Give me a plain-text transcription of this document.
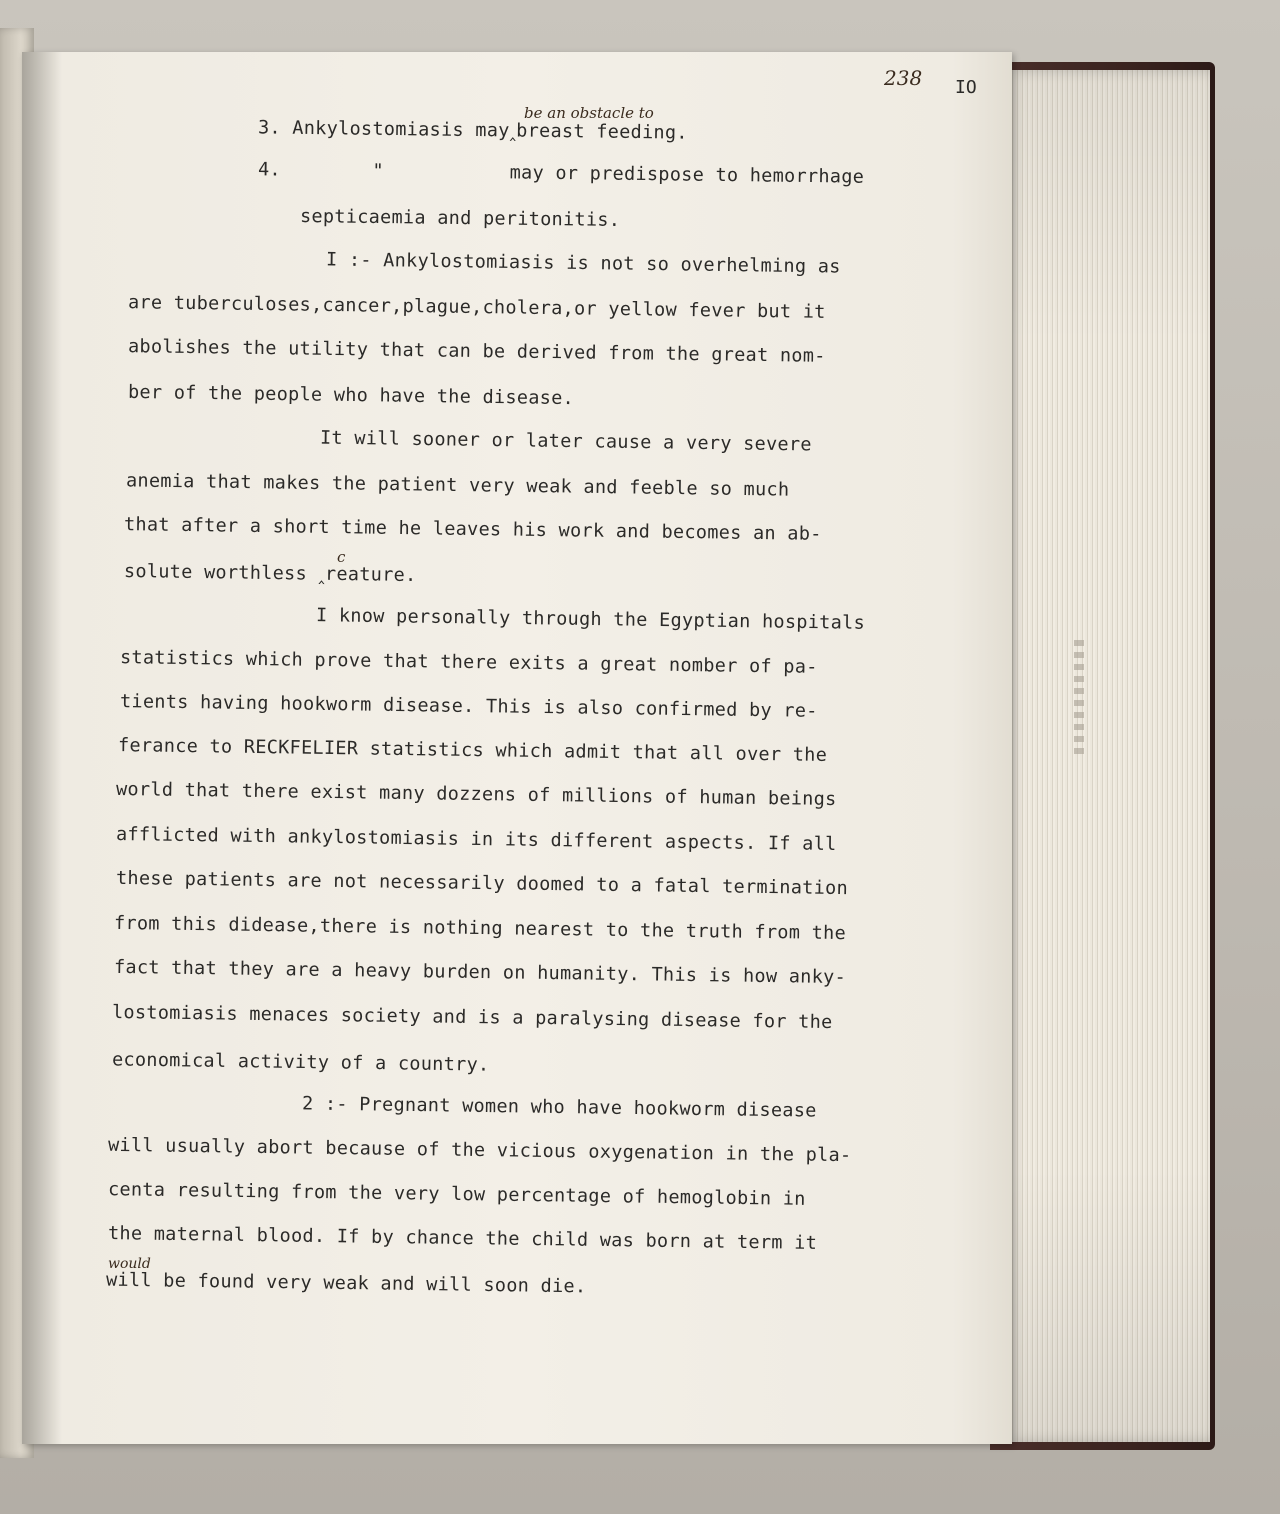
238 IO
be an obstacle to
would
c
3. Ankylostomiasis may‸breast feeding.
4.        "           may or predispose to hemorrhage
septicaemia and peritonitis.
I :- Ankylostomiasis is not so overhelming as
are tuberculoses,cancer,plague,cholera,or yellow fever but it
abolishes the utility that can be derived from the great nom-
ber of the people who have the disease.
It will sooner or later cause a very severe
anemia that makes the patient very weak and feeble so much
that after a short time he leaves his work and becomes an ab-
solute worthless ‸reature.
I know personally through the Egyptian hospitals
statistics which prove that there exits a great nomber of pa-
tients having hookworm disease. This is also confirmed by re-
ferance to RECKFELIER statistics which admit that all over the
world that there exist many dozzens of millions of human beings
afflicted with ankylostomiasis in its different aspects. If all
these patients are not necessarily doomed to a fatal termination
from this didease,there is nothing nearest to the truth from the
fact that they are a heavy burden on humanity. This is how anky-
lostomiasis menaces society and is a paralysing disease for the
economical activity of a country.
2 :- Pregnant women who have hookworm disease
will usually abort because of the vicious oxygenation in the pla-
centa resulting from the very low percentage of hemoglobin in
the maternal blood. If by chance the child was born at term it
will be found very weak and will soon die.
